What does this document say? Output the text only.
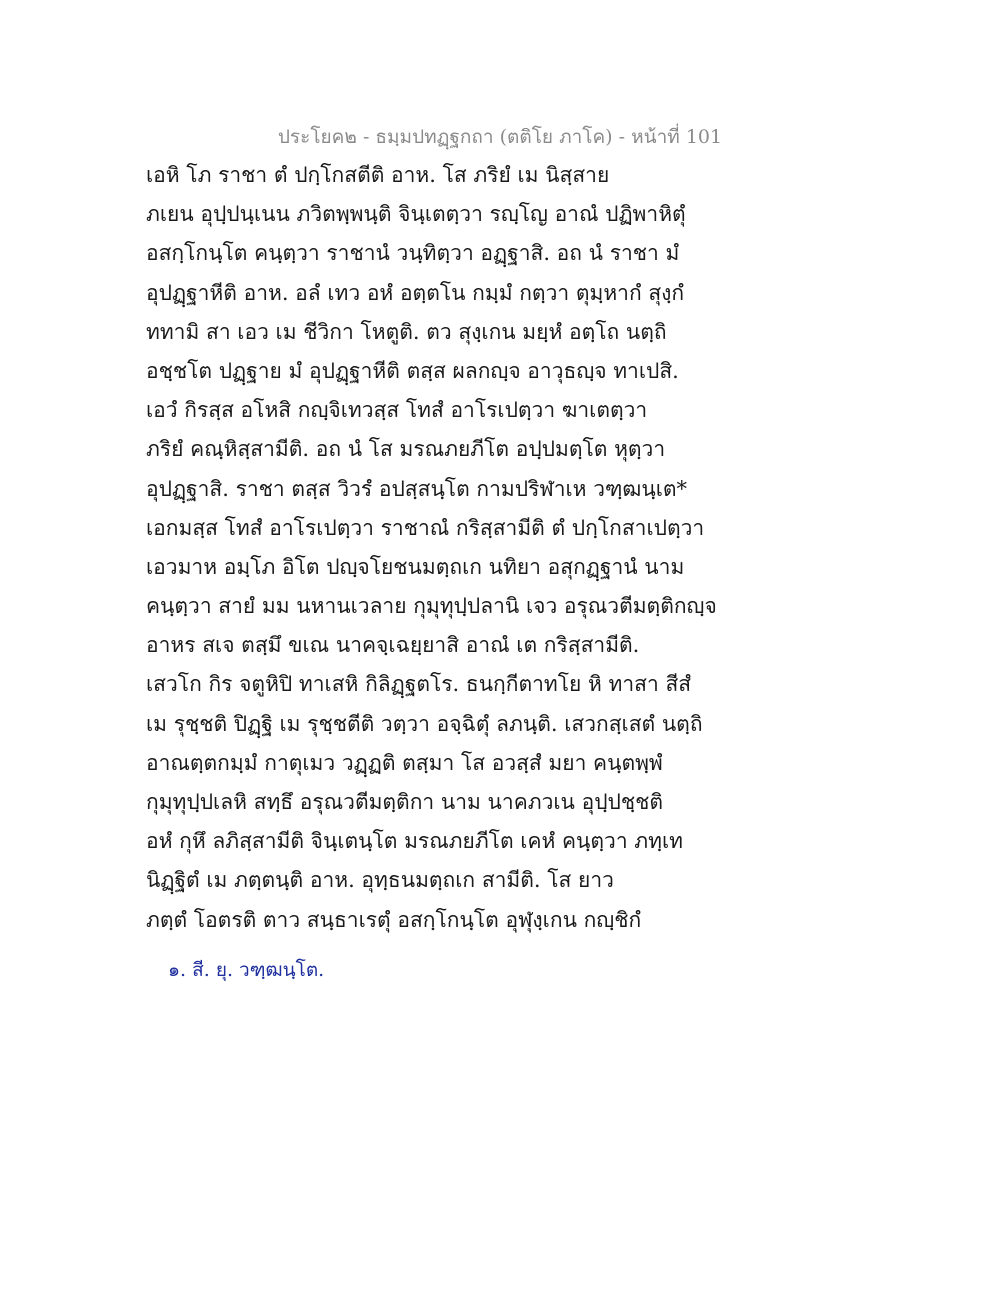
ประโยค๒ - ธมฺมปทฏฺฐกถา (ตติโย ภาโค) - หน้าที่ 101
เอหิ โภ ราชา ตํ ปกฺโกสตีติ อาห. โส ภริยํ เม นิสฺสาย
ภเยน อุปฺปนฺเนน ภวิตพฺพนฺติ จินฺเตตฺวา รญฺโญ อาณํ ปฏิพาหิตุํ
อสกฺโกนฺโต คนฺตฺวา ราชานํ วนฺทิตฺวา อฏฺฐาสิ. อถ นํ ราชา มํ
อุปฏฺฐาหีติ อาห. อลํ เทว อหํ อตฺตโน กมฺมํ กตฺวา ตุมฺหากํ สุงฺกํ
ททามิ สา เอว เม ชีวิกา โหตูติ. ตว สุงฺเกน มยฺหํ อตฺโถ นตฺถิ
อชฺชโต ปฏฺฐาย มํ อุปฏฺฐาหีติ ตสฺส ผลกญฺจ อาวุธญฺจ ทาเปสิ.
เอวํ กิรสฺส อโหสิ กญฺจิเทวสฺส โทสํ อาโรเปตฺวา ฆาเตตฺวา
ภริยํ คณฺหิสฺสามีติ. อถ นํ โส มรณภยภีโต อปฺปมตฺโต หุตฺวา
อุปฏฺฐาสิ. ราชา ตสฺส วิวรํ อปสฺสนฺโต กามปริฬาเห วฑฺฒนฺเต*
เอกมสฺส โทสํ อาโรเปตฺวา ราชาณํ กริสฺสามีติ ตํ ปกฺโกสาเปตฺวา
เอวมาห อมฺโภ อิโต ปญฺจโยชนมตฺถเก นทิยา อสุกฏฺฐานํ นาม
คนฺตฺวา สายํ มม นหานเวลาย กุมุทุปฺปลานิ เจว อรุณวตีมตฺติกญฺจ
อาหร สเจ ตสฺมึ ขเณ นาคจฺเฉยฺยาสิ อาณํ เต กริสฺสามีติ.
เสวโก กิร จตูหิปิ ทาเสหิ กิลิฏฺฐตโร. ธนกฺกีตาทโย หิ ทาสา สีสํ
เม รุชฺชติ ปิฏฺฐิ เม รุชฺชตีติ วตฺวา อจฺฉิตุํ ลภนฺติ. เสวกสฺเสตํ นตฺถิ
อาณตฺตกมฺมํ กาตุเมว วฏฺฏติ ตสฺมา โส อวสฺสํ มยา คนฺตพฺพํ
กุมุทุปฺปเลหิ สทฺธึ อรุณวตีมตฺติกา นาม นาคภวเน อุปฺปชฺชติ
อหํ กุหึ ลภิสฺสามีติ จินฺเตนฺโต มรณภยภีโต เคหํ คนฺตฺวา ภทฺเท
นิฏฺฐิตํ เม ภตฺตนฺติ อาห. อุทฺธนมตฺถเก สามีติ. โส ยาว
ภตฺตํ โอตรติ ตาว สนฺธาเรตุํ อสกฺโกนฺโต อุฬุงฺเกน กญฺชิกํ
๑. สี. ยุ. วฑฺฒนฺโต.
